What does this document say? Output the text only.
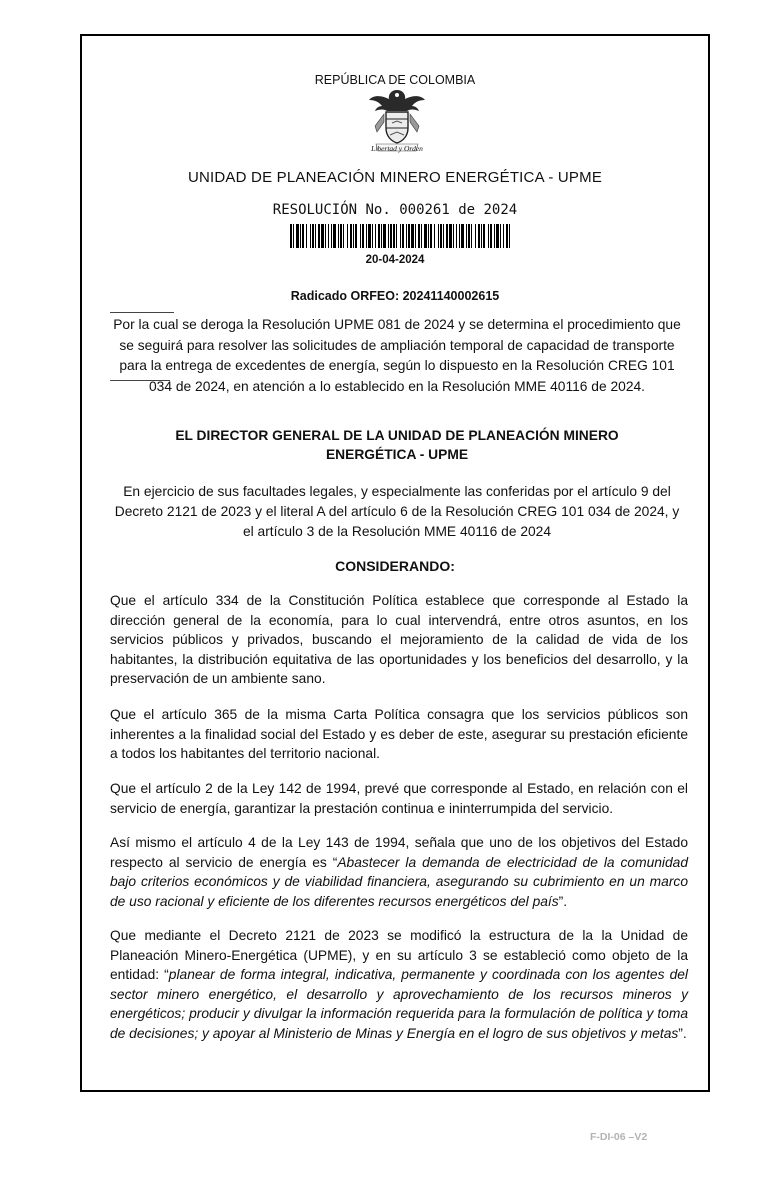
REPÚBLICA DE COLOMBIA
Libertad y Orden
UNIDAD DE PLANEACIÓN MINERO ENERGÉTICA - UPME
RESOLUCIÓN No. 000261 de 2024
20-04-2024
Radicado ORFEO: 20241140002615
Por la cual se deroga la Resolución UPME 081 de 2024 y se determina el procedimiento que se seguirá para resolver las solicitudes de ampliación temporal de capacidad de transporte para la entrega de excedentes de energía, según lo dispuesto en la Resolución CREG 101 034 de 2024, en atención a lo establecido en la Resolución MME 40116 de 2024.
EL DIRECTOR GENERAL DE LA UNIDAD DE PLANEACIÓN MINERO ENERGÉTICA - UPME
En ejercicio de sus facultades legales, y especialmente las conferidas por el artículo 9 del Decreto 2121 de 2023 y el literal A del artículo 6 de la Resolución CREG 101 034 de 2024, y el artículo 3 de la Resolución MME 40116 de 2024
CONSIDERANDO:

Que el artículo 334 de la Constitución Política establece que corresponde al Estado la dirección general de la economía, para lo cual intervendrá, entre otros asuntos, en los servicios públicos y privados, buscando el mejoramiento de la calidad de vida de los habitantes, la distribución equitativa de las oportunidades y los beneficios del desarrollo, y la preservación de un ambiente sano.

Que el artículo 365 de la misma Carta Política consagra que los servicios públicos son inherentes a la finalidad social del Estado y es deber de este, asegurar su prestación eficiente a todos los habitantes del territorio nacional.

Que el artículo 2 de la Ley 142 de 1994, prevé que corresponde al Estado, en relación con el servicio de energía, garantizar la prestación continua e ininterrumpida del servicio.

Así mismo el artículo 4 de la Ley 143 de 1994, señala que uno de los objetivos del Estado respecto al servicio de energía es “Abastecer la demanda de electricidad de la comunidad bajo criterios económicos y de viabilidad financiera, asegurando su cubrimiento en un marco de uso racional y eficiente de los diferentes recursos energéticos del país”.

Que mediante el Decreto 2121 de 2023 se modificó la estructura de la la Unidad de Planeación Minero-Energética (UPME), y en su artículo 3 se estableció como objeto de la entidad: “planear de forma integral, indicativa, permanente y coordinada con los agentes del sector minero energético, el desarrollo y aprovechamiento de los recursos mineros y energéticos; producir y divulgar la información requerida para la formulación de política y toma de decisiones; y apoyar al Ministerio de Minas y Energía en el logro de sus objetivos y metas”.

F-DI-06 –V2
